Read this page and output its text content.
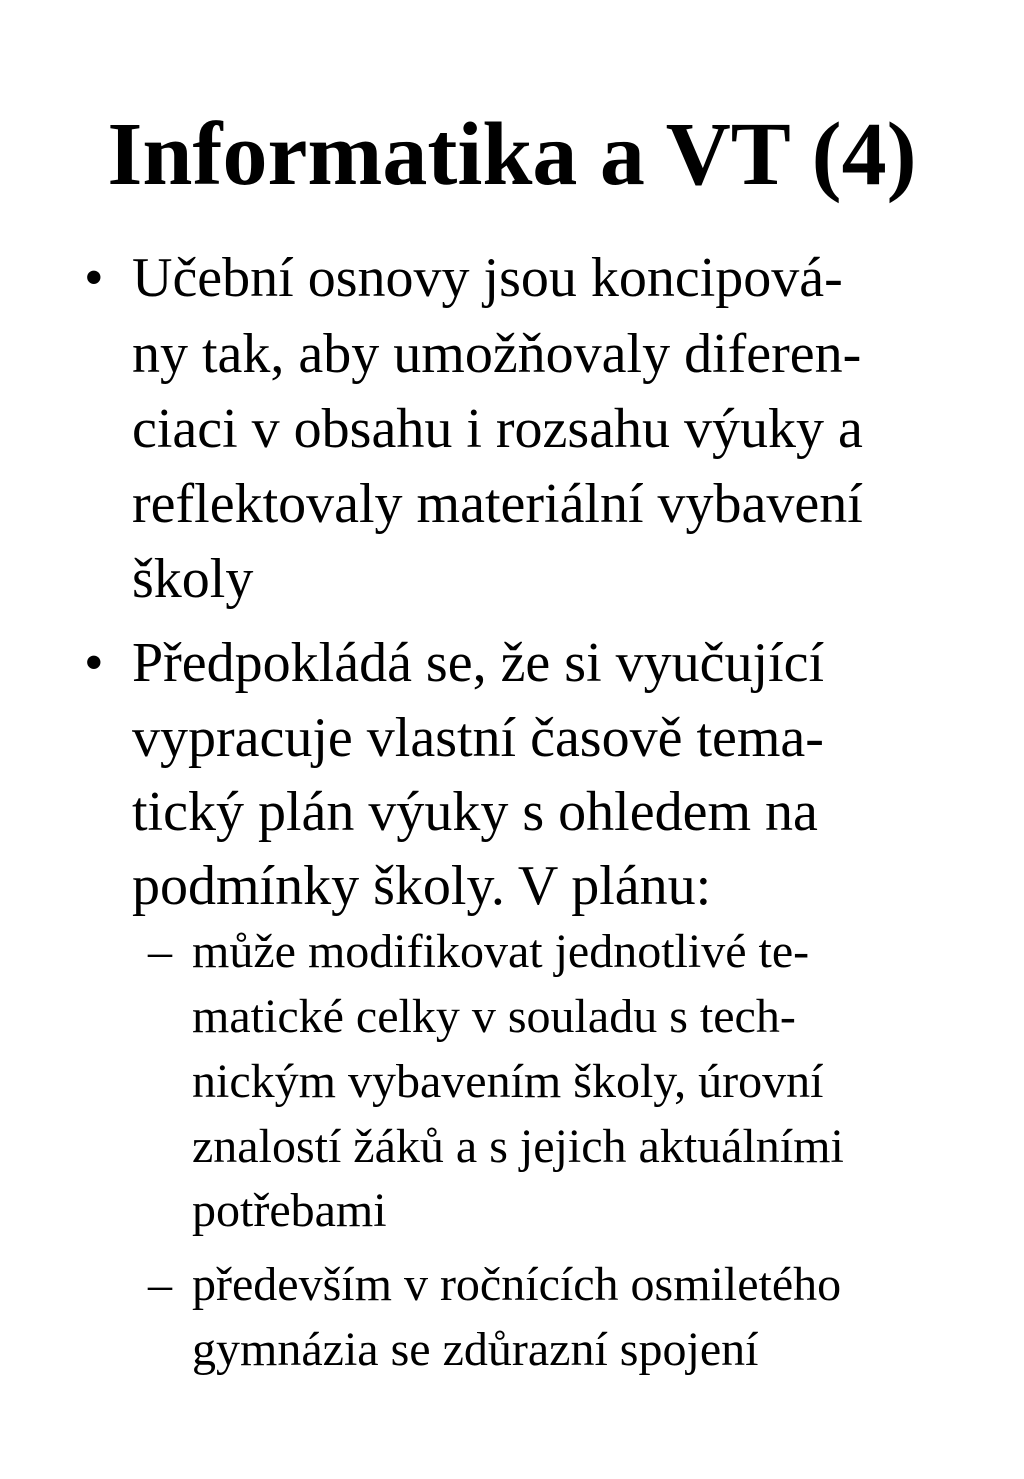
Informatika a VT (4)
• Učební osnovy jsou koncipová-
ny tak, aby umožňovaly diferen-
ciaci v obsahu i rozsahu výuky a
reflektovaly materiální vybavení
školy
• Předpokládá se, že si vyučující
vypracuje vlastní časově tema-
tický plán výuky s ohledem na
podmínky školy. V plánu:
– může modifikovat jednotlivé te-
matické celky v souladu s tech-
nickým vybavením školy, úrovní
znalostí žáků a s jejich aktuálními
potřebami
– především v ročnících osmiletého
gymnázia se zdůrazní spojení
